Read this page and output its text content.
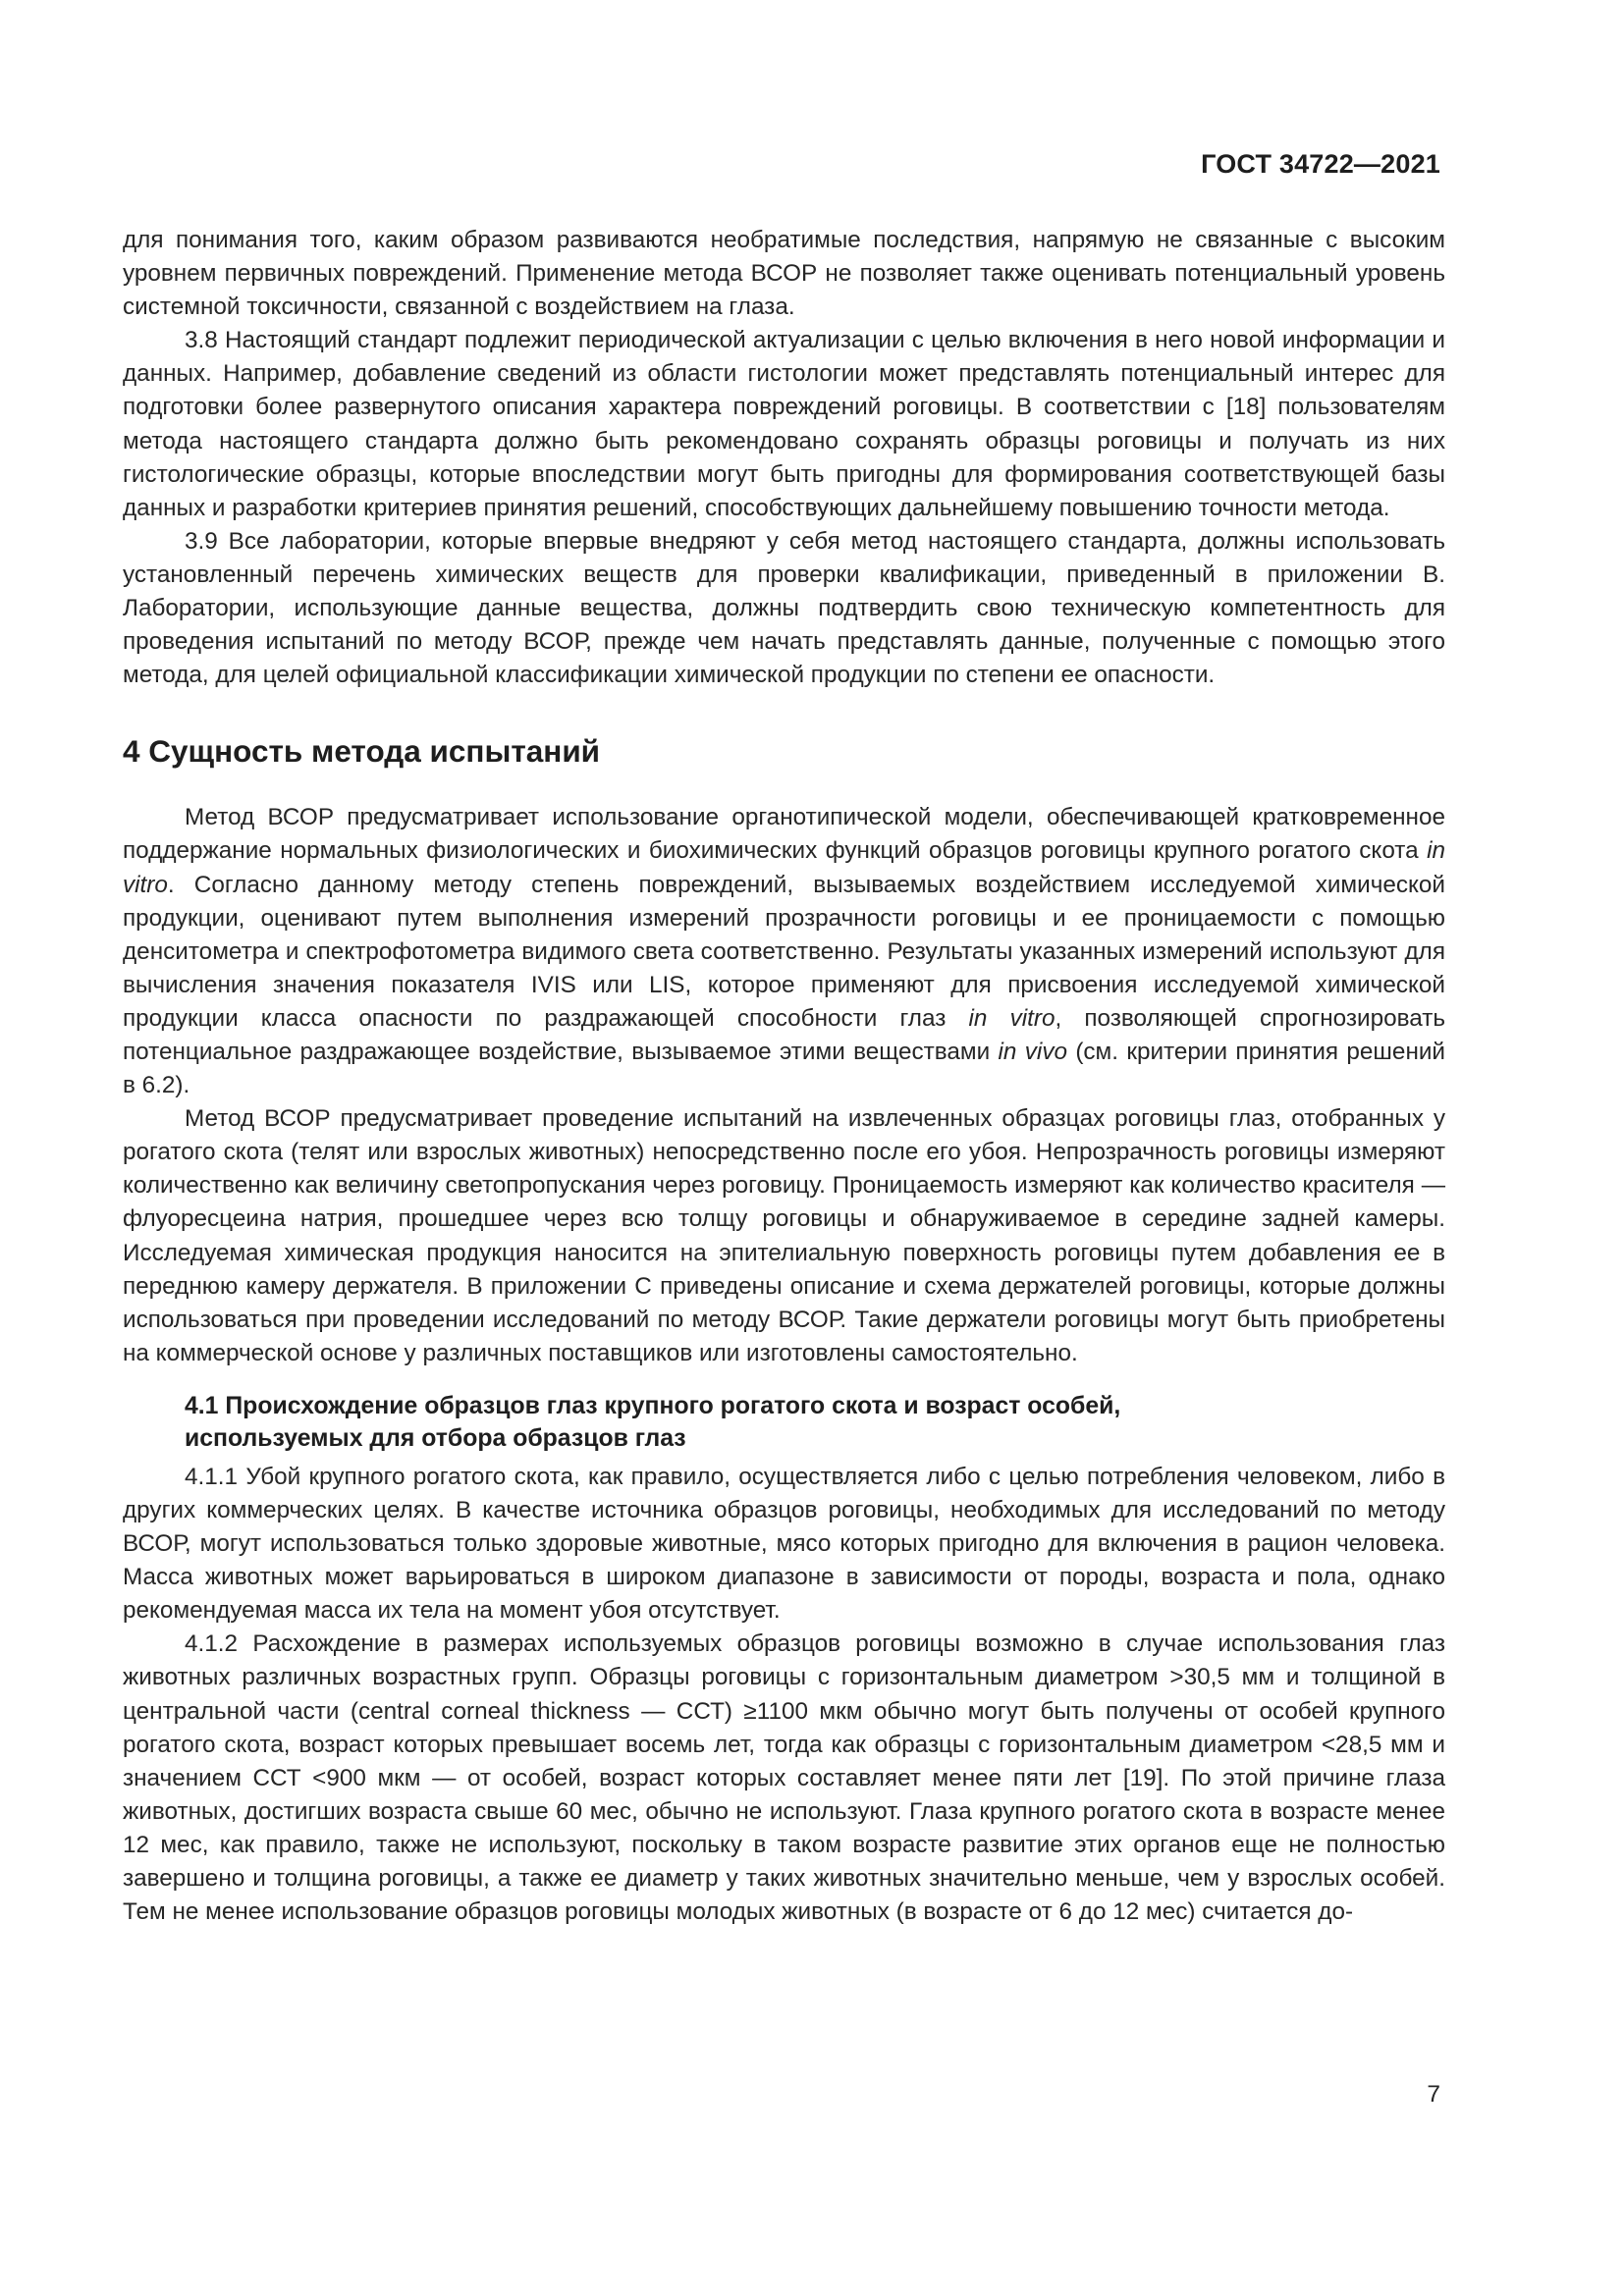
ГОСТ 34722—2021

для понимания того, каким образом развиваются необратимые последствия, напрямую не связанные с высоким уровнем первичных повреждений. Применение метода ВСОР не позволяет также оценивать потенциальный уровень системной токсичности, связанной с воздействием на глаза.

3.8 Настоящий стандарт подлежит периодической актуализации с целью включения в него новой информации и данных. Например, добавление сведений из области гистологии может представлять потенциальный интерес для подготовки более развернутого описания характера повреждений роговицы. В соответствии с [18] пользователям метода настоящего стандарта должно быть рекомендовано сохранять образцы роговицы и получать из них гистологические образцы, которые впоследствии могут быть пригодны для формирования соответствующей базы данных и разработки критериев принятия решений, способствующих дальнейшему повышению точности метода.

3.9 Все лаборатории, которые впервые внедряют у себя метод настоящего стандарта, должны использовать установленный перечень химических веществ для проверки квалификации, приведенный в приложении В. Лаборатории, использующие данные вещества, должны подтвердить свою техническую компетентность для проведения испытаний по методу ВСОР, прежде чем начать представлять данные, полученные с помощью этого метода, для целей официальной классификации химической продукции по степени ее опасности.

4 Сущность метода испытаний

Метод ВСОР предусматривает использование органотипической модели, обеспечивающей кратковременное поддержание нормальных физиологических и биохимических функций образцов роговицы крупного рогатого скота in vitro. Согласно данному методу степень повреждений, вызываемых воздействием исследуемой химической продукции, оценивают путем выполнения измерений прозрачности роговицы и ее проницаемости с помощью денситометра и спектрофотометра видимого света соответственно. Результаты указанных измерений используют для вычисления значения показателя IVIS или LIS, которое применяют для присвоения исследуемой химической продукции класса опасности по раздражающей способности глаз in vitro, позволяющей спрогнозировать потенциальное раздражающее воздействие, вызываемое этими веществами in vivo (см. критерии принятия решений в 6.2).

Метод ВСОР предусматривает проведение испытаний на извлеченных образцах роговицы глаз, отобранных у рогатого скота (телят или взрослых животных) непосредственно после его убоя. Непрозрачность роговицы измеряют количественно как величину светопропускания через роговицу. Проницаемость измеряют как количество красителя — флуоресцеина натрия, прошедшее через всю толщу роговицы и обнаруживаемое в середине задней камеры. Исследуемая химическая продукция наносится на эпителиальную поверхность роговицы путем добавления ее в переднюю камеру держателя. В приложении С приведены описание и схема держателей роговицы, которые должны использоваться при проведении исследований по методу ВСОР. Такие держатели роговицы могут быть приобретены на коммерческой основе у различных поставщиков или изготовлены самостоятельно.

4.1 Происхождение образцов глаз крупного рогатого скота и возраст особей,
используемых для отбора образцов глаз

4.1.1 Убой крупного рогатого скота, как правило, осуществляется либо с целью потребления человеком, либо в других коммерческих целях. В качестве источника образцов роговицы, необходимых для исследований по методу ВСОР, могут использоваться только здоровые животные, мясо которых пригодно для включения в рацион человека. Масса животных может варьироваться в широком диапазоне в зависимости от породы, возраста и пола, однако рекомендуемая масса их тела на момент убоя отсутствует.

4.1.2 Расхождение в размерах используемых образцов роговицы возможно в случае использования глаз животных различных возрастных групп. Образцы роговицы с горизонтальным диаметром >30,5 мм и толщиной в центральной части (central corneal thickness — ССТ) ≥1100 мкм обычно могут быть получены от особей крупного рогатого скота, возраст которых превышает восемь лет, тогда как образцы с горизонтальным диаметром <28,5 мм и значением ССТ <900 мкм — от особей, возраст которых составляет менее пяти лет [19]. По этой причине глаза животных, достигших возраста свыше 60 мес, обычно не используют. Глаза крупного рогатого скота в возрасте менее 12 мес, как правило, также не используют, поскольку в таком возрасте развитие этих органов еще не полностью завершено и толщина роговицы, а также ее диаметр у таких животных значительно меньше, чем у взрослых особей. Тем не менее использование образцов роговицы молодых животных (в возрасте от 6 до 12 мес) считается до-

7
